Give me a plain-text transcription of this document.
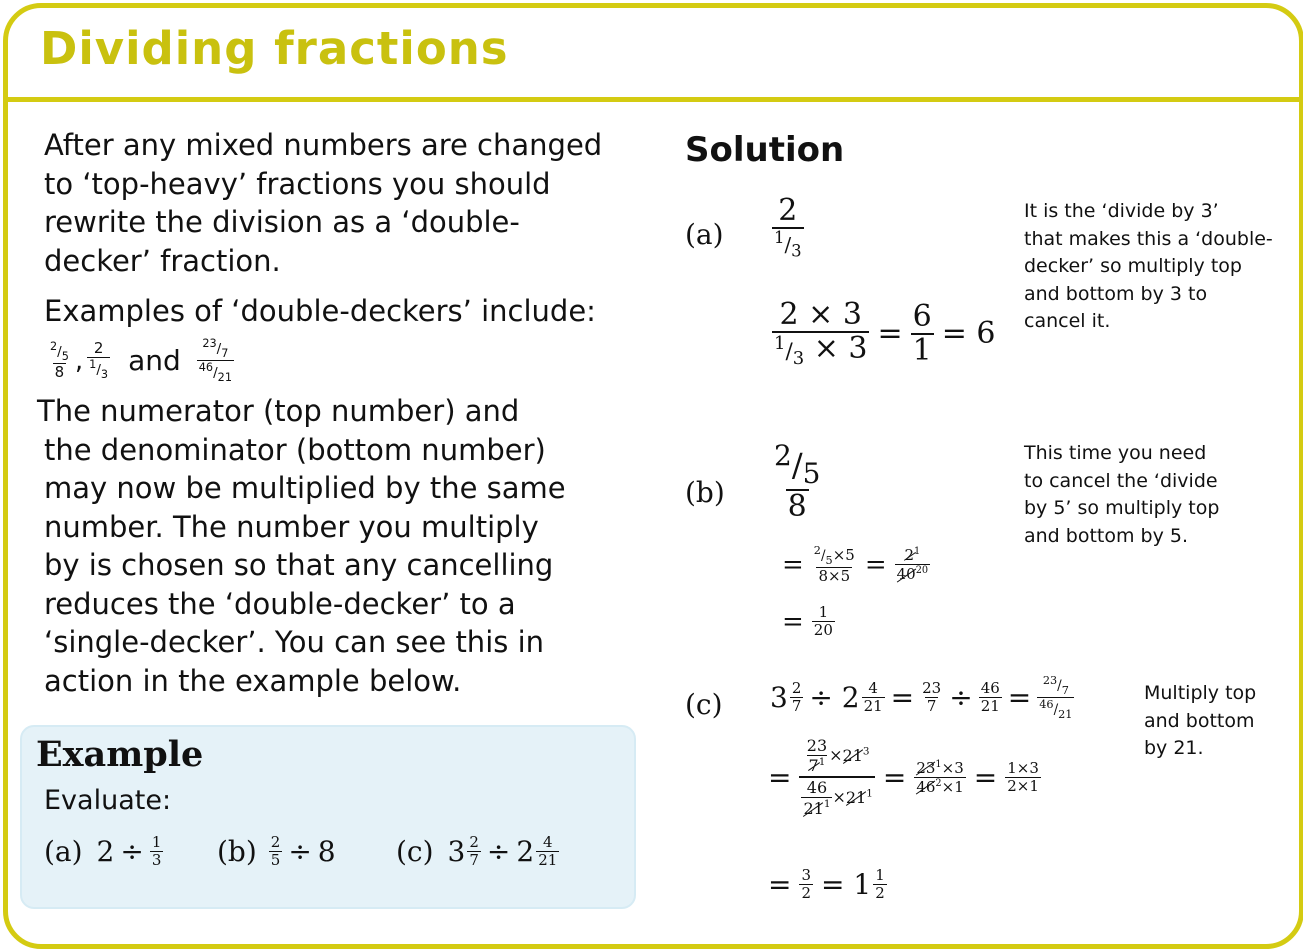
Dividing fractions
After any mixed numbers are changed
to ‘top-heavy’ fractions you should
rewrite the division as a ‘double-
decker’ fraction.
Examples of ‘double-deckers’ include:
$\frac{^2/_5}{8}$ , $\frac{2}{^1/_3}$ and $\frac{^{23}/_7}{^{46}/_{21}}$
The numerator (top number) and
the denominator (bottom number)
may now be multiplied by the same
number. The number you multiply
by is chosen so that any cancelling
reduces the ‘double-decker’ to a
‘single-decker’. You can see this in
action in the example below.
Example
Evaluate:
(a) $2 \div \frac{1}{3} (b) \frac{2}{5} \div 8$ (c) $3 \frac{2}{7} \div 2 \frac{4}{21}$
Solution
$(a) \frac{2}{^1/_3}$
$\frac{2 \times 3}{^1/_3 \times 3} = \frac{6}{1} = 6$
It is the ‘divide by 3’
that makes this a ‘double-
decker’ so multiply top
and bottom by 3 to
cancel it.
$(b) \frac{2/5}{8}$
= $\frac{^2/_5\times 5}{8\times 5} = \frac{2^1}{40^{20}}$
= $\frac{1}{20}$
This time you need
to cancel the ‘divide
by 5’ so multiply top
and bottom by 5.
(c) $3 \frac{2}{7} \div 2 \frac{4}{21} = \frac{23}{7} \div \frac{46}{21} = \frac{^{23}/_7}{^{46}/_{21}}$	Multiply top
and bottom
by 21.
= $\frac{\frac{23}{7^1} \times 21^3}{\frac{46}{21^1} \times 21^1} = \frac{23^1\times 3}{46^2\times 1} = \frac{1\times 3}{2\times 1}$
= $\frac{3}{2} = 1 \frac{1}{2}$
